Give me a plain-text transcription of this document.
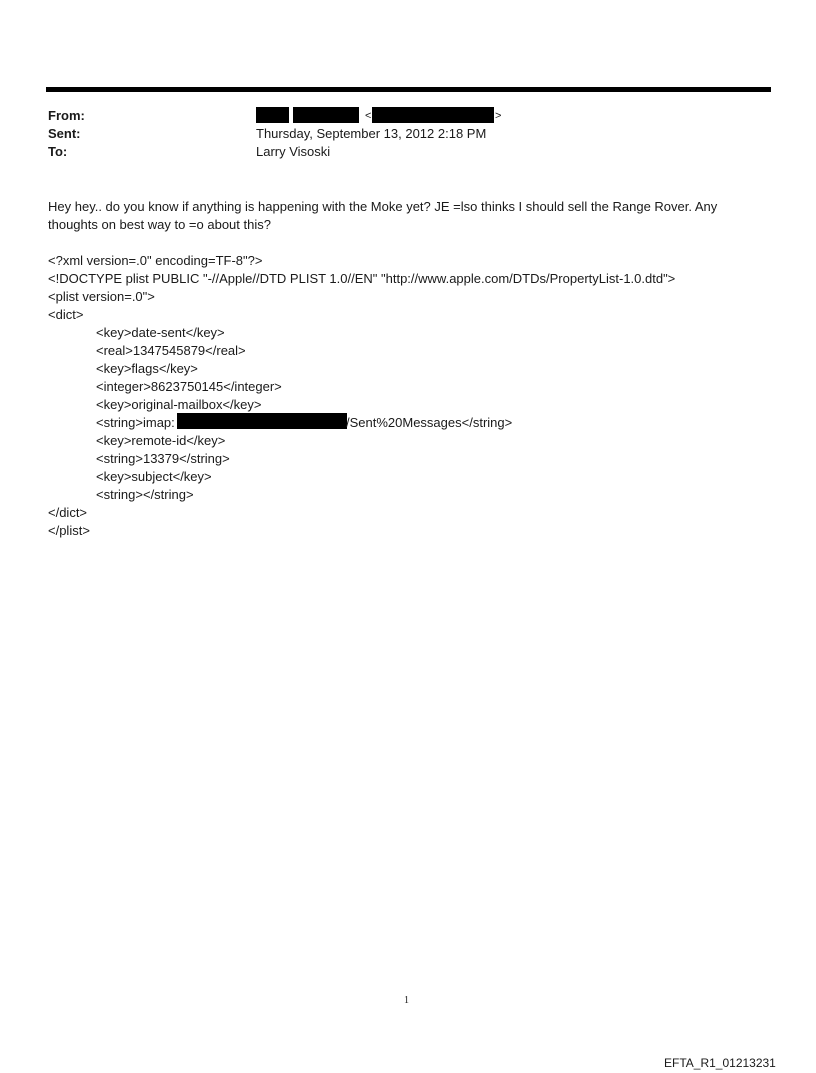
From:
Sent:
To:
<	>
Thursday, September 13, 2012 2:18 PM
Larry Visoski
Hey hey.. do you know if anything is happening with the Moke yet? JE =lso thinks I should sell the Range Rover. Any
thoughts on best way to =o about this?
<?xml version=.0" encoding=TF-8"?>
<!DOCTYPE plist PUBLIC "-//Apple//DTD PLIST 1.0//EN" "http://www.apple.com/DTDs/PropertyList-1.0.dtd">
<plist version=.0">
<dict>
<key>date-sent</key>
<real>1347545879</real>
<key>flags</key>
<integer>8623750145</integer>
<key>original-mailbox</key>
<string>imap:	/Sent%20Messages</string>
<key>remote-id</key>
<string>13379</string>
<key>subject</key>
<string></string>
</dict>
</plist>
1
EFTA_R1_01213231
